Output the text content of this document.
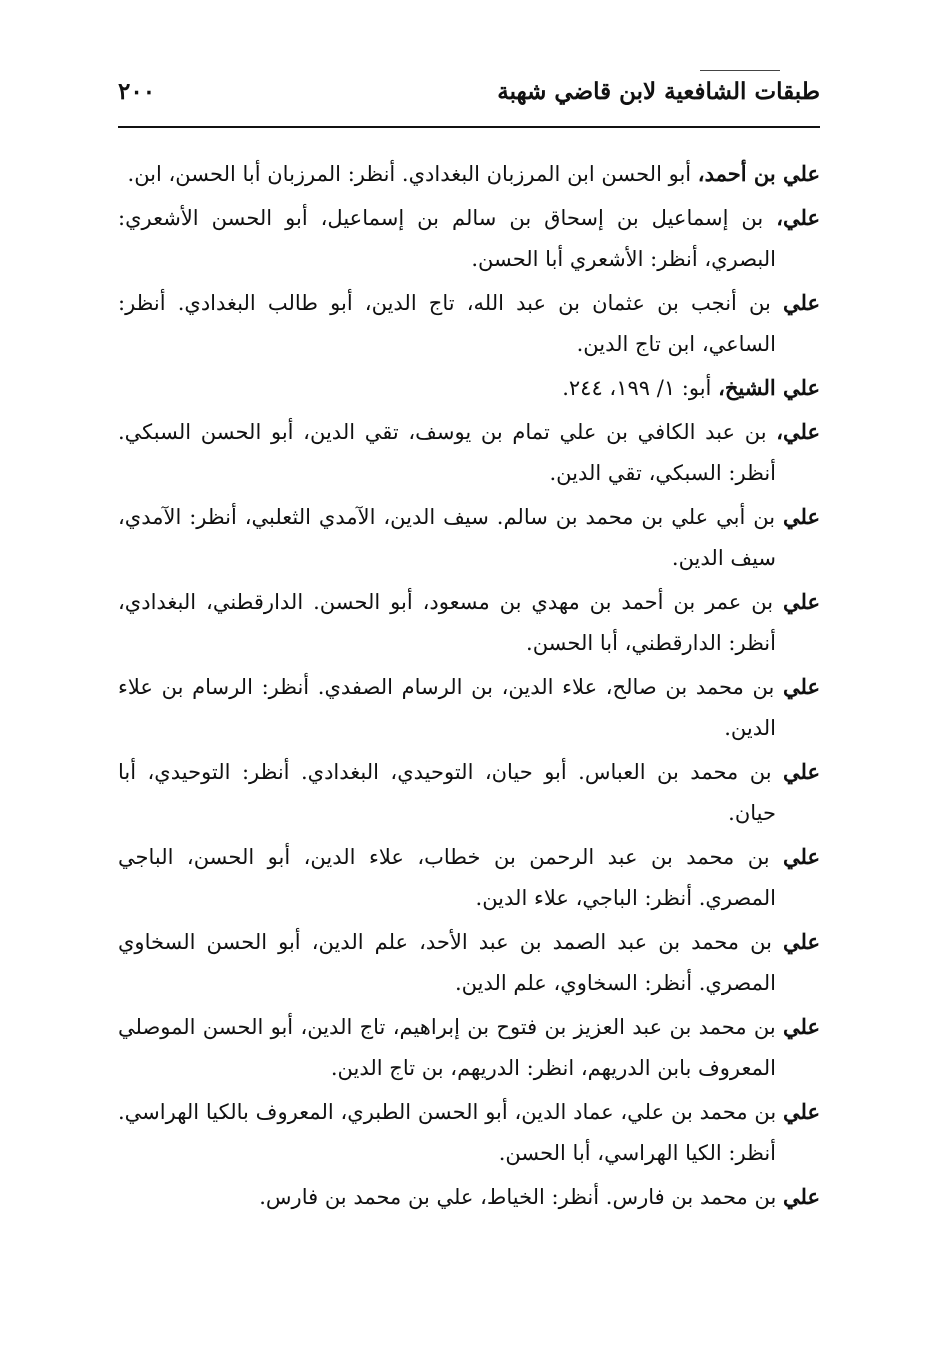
طبقات الشافعية لابن قاضي شهبة
٢٠٠

علي بن أحمد، أبو الحسن ابن المرزبان البغدادي. أنظر: المرزبان أبا الحسن، ابن.

علي، بن إسماعيل بن إسحاق بن سالم بن إسماعيل، أبو الحسن الأشعري: البصري، أنظر: الأشعري أبا الحسن.

علي بن أنجب بن عثمان بن عبد الله، تاج الدين، أبو طالب البغدادي. أنظر: الساعي، ابن تاج الدين.

علي الشيخ، أبو: ١/ ١٩٩، ٢٤٤.

علي، بن عبد الكافي بن علي تمام بن يوسف، تقي الدين، أبو الحسن السبكي. أنظر: السبكي، تقي الدين.

علي بن أبي علي بن محمد بن سالم. سيف الدين، الآمدي الثعلبي، أنظر: الآمدي، سيف الدين.

علي بن عمر بن أحمد بن مهدي بن مسعود، أبو الحسن. الدارقطني، البغدادي، أنظر: الدارقطني، أبا الحسن.

علي بن محمد بن صالح، علاء الدين، بن الرسام الصفدي. أنظر: الرسام بن علاء الدين.

علي بن محمد بن العباس. أبو حيان، التوحيدي، البغدادي. أنظر: التوحيدي، أبا حيان.

علي بن محمد بن عبد الرحمن بن خطاب، علاء الدين، أبو الحسن، الباجي المصري. أنظر: الباجي، علاء الدين.

علي بن محمد بن عبد الصمد بن عبد الأحد، علم الدين، أبو الحسن السخاوي المصري. أنظر: السخاوي، علم الدين.

علي بن محمد بن عبد العزيز بن فتوح بن إبراهيم، تاج الدين، أبو الحسن الموصلي المعروف بابن الدريهم، انظر: الدريهم، بن تاج الدين.

علي بن محمد بن علي، عماد الدين، أبو الحسن الطبري، المعروف بالكيا الهراسي. أنظر: الكيا الهراسي، أبا الحسن.

علي بن محمد بن فارس. أنظر: الخياط، علي بن محمد بن فارس.
